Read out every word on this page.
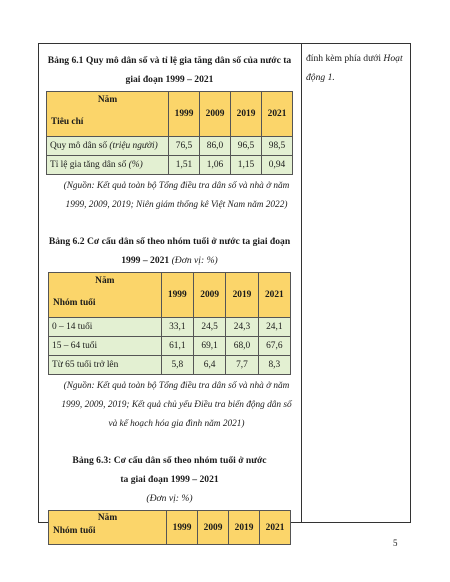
Bảng 6.1 Quy mô dân số và tỉ lệ gia tăng dân số của nước ta giai đoạn 1999 – 2021
Năm
Tiêu chí	1999	2009	2019	2021
Quy mô dân số (triệu người)	76,5	86,0	96,5	98,5
Tỉ lệ gia tăng dân số (%)	1,51	1,06	1,15	0,94

(Nguồn: Kết quả toàn bộ Tổng điều tra dân số và nhà ở năm 1999, 2009, 2019; Niên giám thống kê Việt Nam năm 2022)

Bảng 6.2 Cơ cấu dân số theo nhóm tuổi ở nước ta giai đoạn 1999 – 2021 (Đơn vị: %)
Năm
Nhóm tuổi	1999	2009	2019	2021
0 – 14 tuổi	33,1	24,5	24,3	24,1
15 – 64 tuổi	61,1	69,1	68,0	67,6
Từ 65 tuổi trở lên	5,8	6,4	7,7	8,3

(Nguồn: Kết quả toàn bộ Tổng điều tra dân số và nhà ở năm 1999, 2009, 2019; Kết quả chủ yếu Điều tra biến động dân số và kế hoạch hóa gia đình năm 2021)

Bảng 6.3: Cơ cấu dân số theo nhóm tuổi ở nước ta giai đoạn 1999 – 2021
(Đơn vị: %)
Năm
Nhóm tuổi	1999	2009	2019	2021
đính kèm phía dưới Hoạt
động 1.
5
